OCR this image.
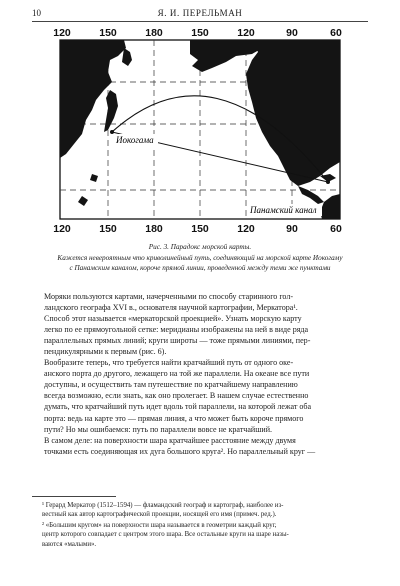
10	Я. И. ПЕРЕЛЬМАН
Иокогама
Панамский канал
120	150	180	150	120	90	60
120	150	180	150	120	90	60
Рис. 3. Парадокс морской карты.
Кажется невероятным что криволинейный путь, соединяющий на морской карте Иокогаму
с Панамским каналом, короче прямой линии, проведенной между теми же пунктами

Моряки пользуются картами, начерченными по способу старинного гол-
ландского географа XVI в., основателя научной картографии, Меркатора¹.
Способ этот называется «меркаторской проекцией». Узнать морскую карту
легко по ее прямоугольной сетке: меридианы изображены на ней в виде ряда
параллельных прямых линий; круги широты — тоже прямыми линиями, пер-
пендикулярными к первым (рис. 6).

Вообразите теперь, что требуется найти кратчайший путь от одного оке-
анского порта до другого, лежащего на той же параллели. На океане все пути
доступны, и осуществить там путешествие по кратчайшему направлению
всегда возможно, если знать, как оно пролегает. В нашем случае естественно
думать, что кратчайший путь идет вдоль той параллели, на которой лежат оба
порта: ведь на карте это — прямая линия, а что может быть короче прямого
пути? Но мы ошибаемся: путь по параллели вовсе не кратчайший.

В самом деле: на поверхности шара кратчайшее расстояние между двумя
точками есть соединяющая их дуга большого круга². Но параллельный круг —

¹ Герард Меркатор (1512–1594) — фламандский географ и картограф, наиболее из-
вестный как автор картографической проекции, носящей его имя (примеч. ред.).

² «Большим кругом» на поверхности шара называется в геометрии каждый круг,
центр которого совпадает с центром этого шара. Все остальные круги на шаре назы-
ваются «малыми».
